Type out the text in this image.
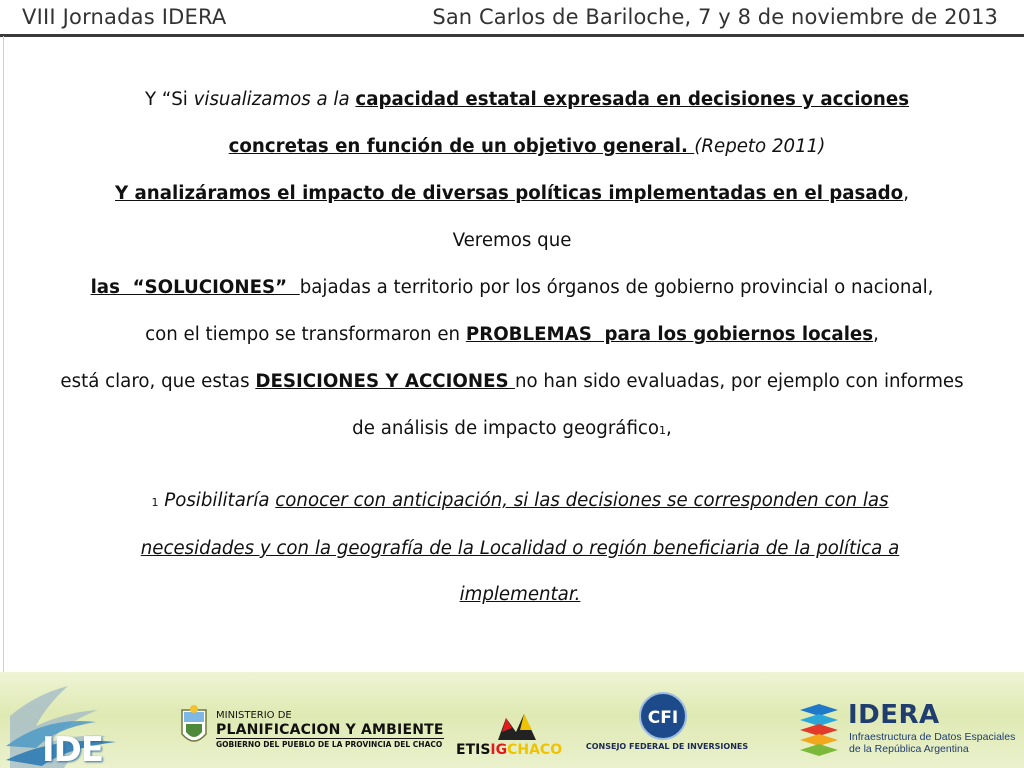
VIII Jornadas IDERA	San Carlos de Bariloche, 7 y 8 de noviembre de 2013

Y “Si visualizamos a la capacidad estatal expresada en decisiones y acciones concretas en función de un objetivo general. (Repeto 2011)

Y analizáramos el impacto de diversas políticas implementadas en el pasado,

Veremos que

las  “SOLUCIONES”  bajadas a territorio por los órganos de gobierno provincial o nacional,

con el tiempo se transformaron en PROBLEMAS  para los gobiernos locales,

está claro, que estas DESICIONES Y ACCIONES no han sido evaluadas, por ejemplo con informes de análisis de impacto geográfico1,

1 Posibilitaría conocer con anticipación, si las decisiones se corresponden con las necesidades y con la geografía de la Localidad o región beneficiaria de la política a implementar.

IDE
MINISTERIO DE
PLANIFICACION Y AMBIENTE
GOBIERNO DEL PUEBLO DE LA PROVINCIA DEL CHACO ETISIGCHACO
CFI
CONSEJO FEDERAL DE INVERSIONES
IDERA
Infraestructura de Datos Espaciales
de la República Argentina
